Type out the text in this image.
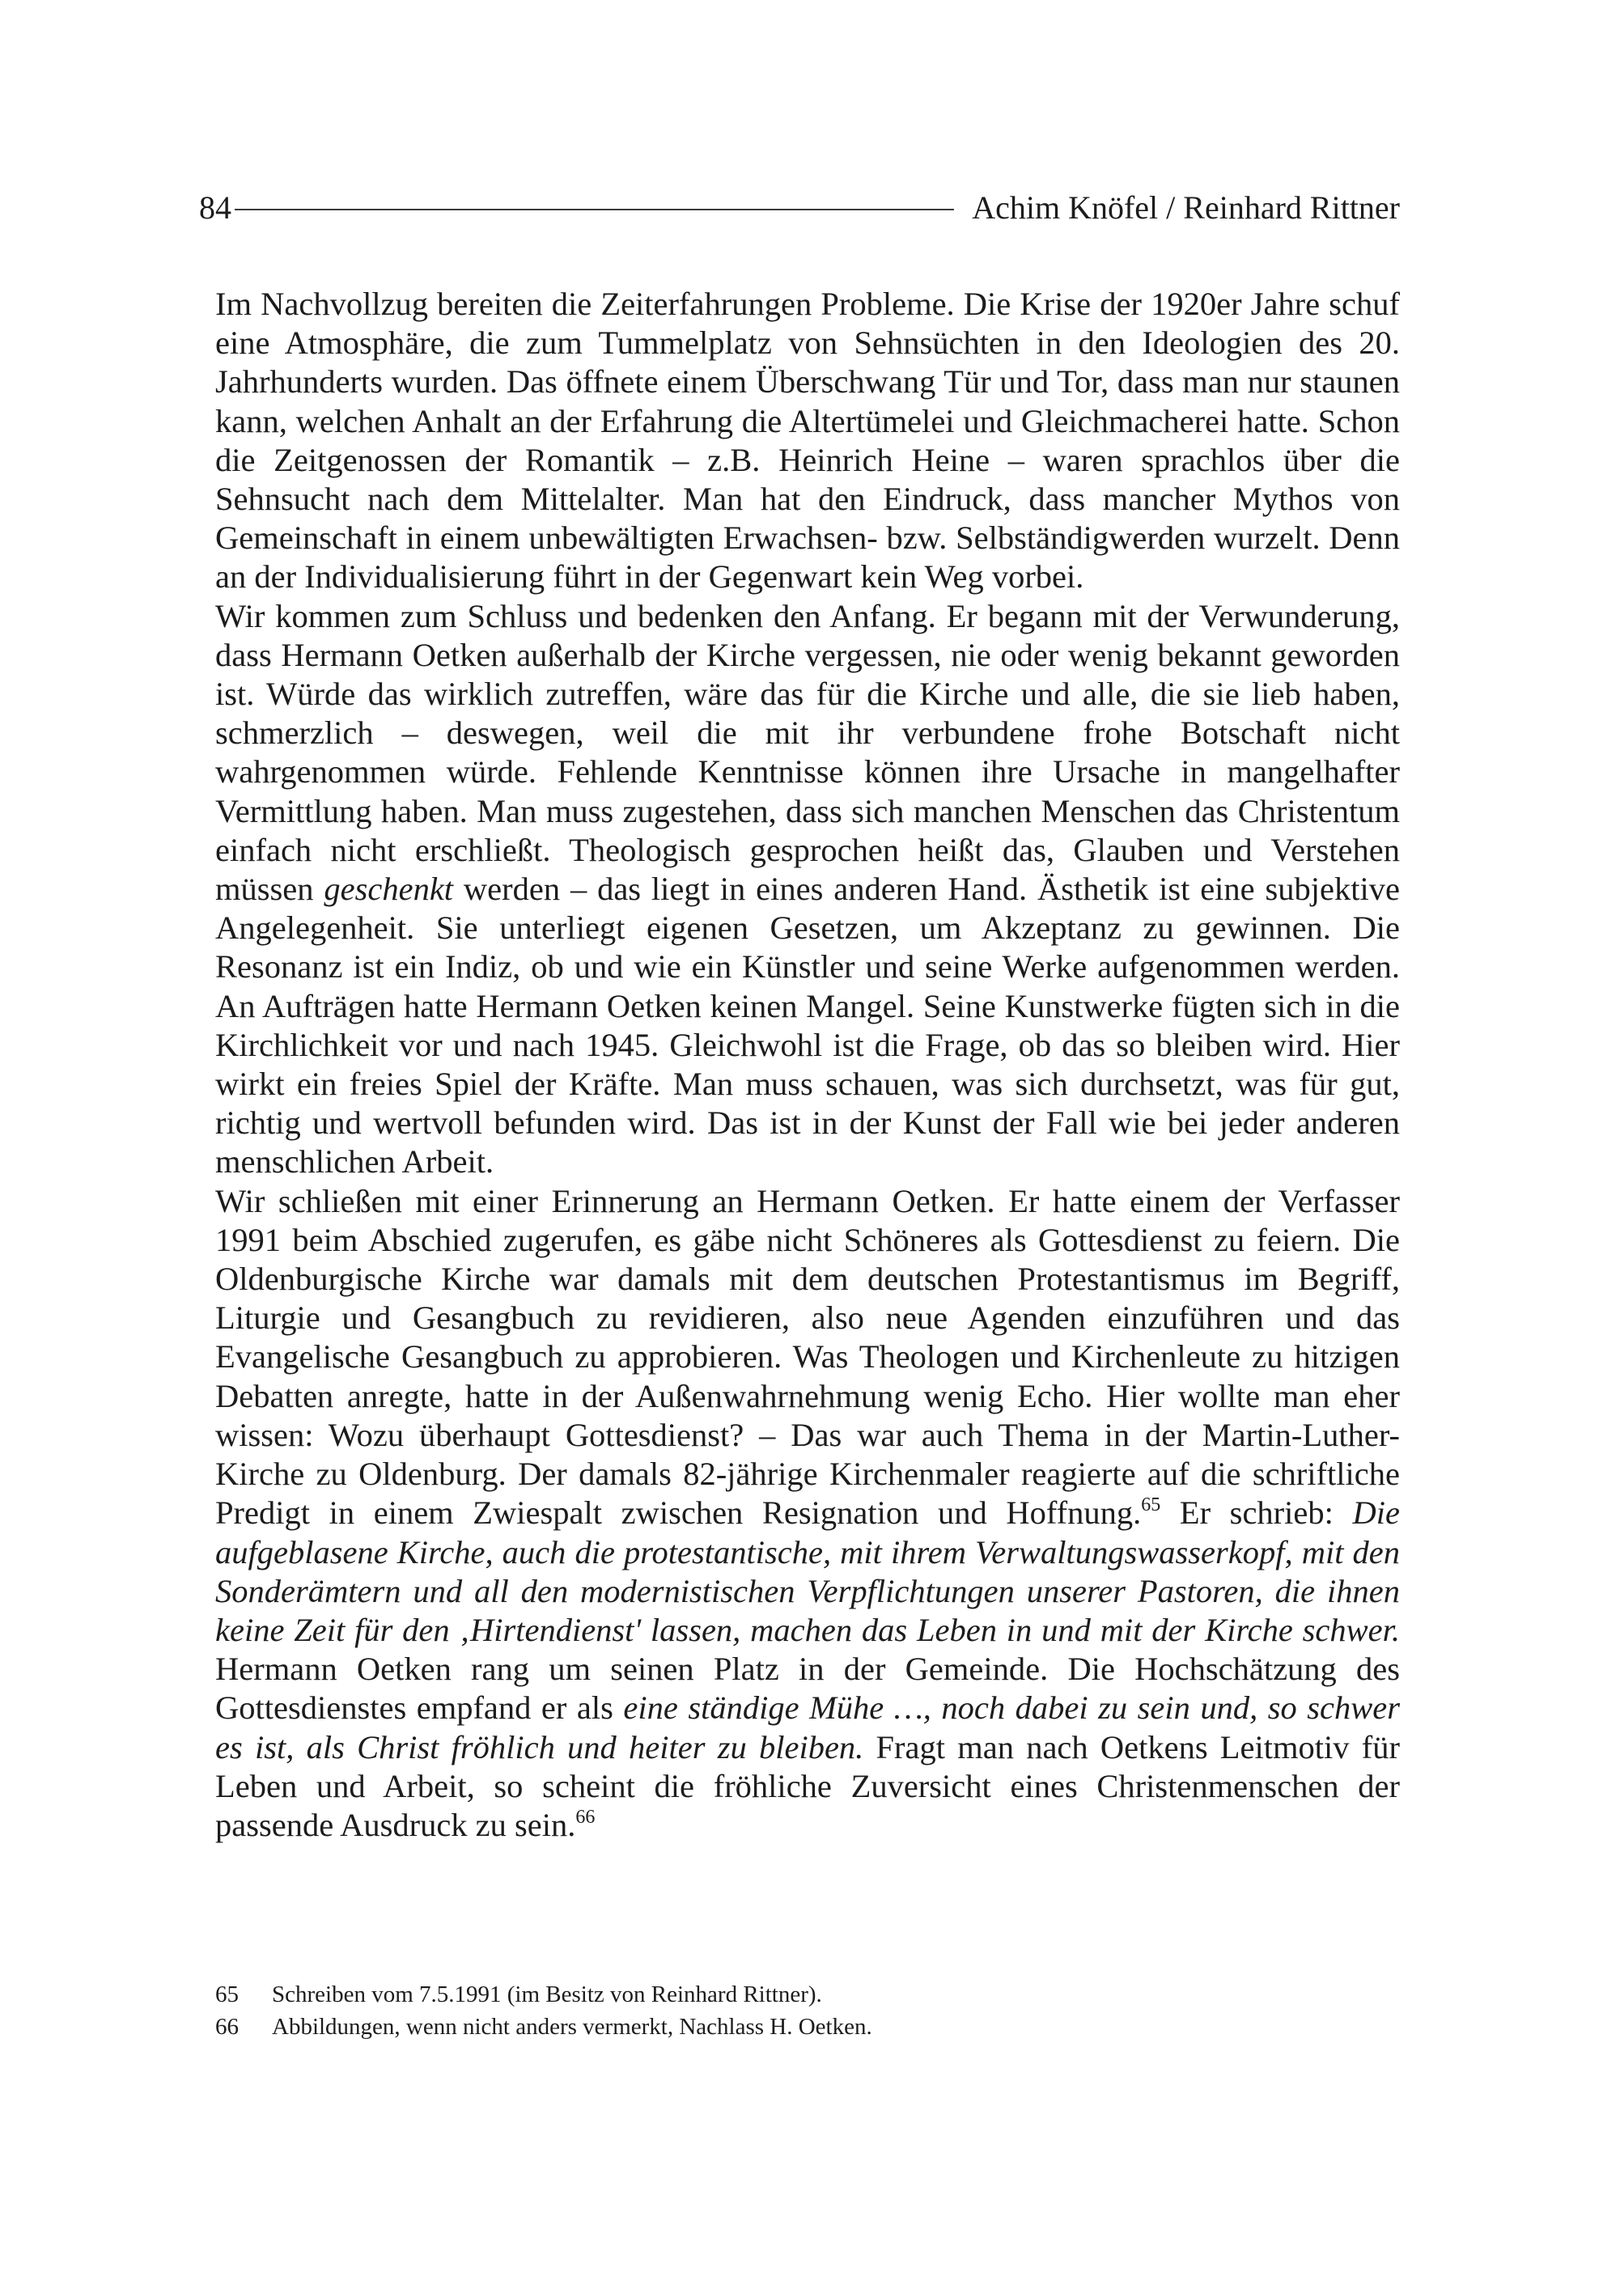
84	Achim Knöfel / Reinhard Rittner

Im Nachvollzug bereiten die Zeiterfahrungen Probleme. Die Krise der 1920er Jahre schuf eine Atmosphäre, die zum Tummelplatz von Sehnsüchten in den Ideologien des 20. Jahrhunderts wurden. Das öffnete einem Überschwang Tür und Tor, dass man nur staunen kann, welchen Anhalt an der Erfahrung die Altertümelei und Gleichmacherei hatte. Schon die Zeitgenossen der Romantik – z.B. Heinrich Heine – waren sprachlos über die Sehnsucht nach dem Mittelalter. Man hat den Eindruck, dass mancher Mythos von Gemeinschaft in einem unbewältigten Erwachsen- bzw. Selbständigwerden wurzelt. Denn an der Individualisierung führt in der Gegenwart kein Weg vorbei.

Wir kommen zum Schluss und bedenken den Anfang. Er begann mit der Verwunderung, dass Hermann Oetken außerhalb der Kirche vergessen, nie oder wenig bekannt geworden ist. Würde das wirklich zutreffen, wäre das für die Kirche und alle, die sie lieb haben, schmerzlich – deswegen, weil die mit ihr verbundene frohe Botschaft nicht wahrgenommen würde. Fehlende Kenntnisse können ihre Ursache in mangelhafter Vermittlung haben. Man muss zugestehen, dass sich manchen Menschen das Christentum einfach nicht erschließt. Theologisch gesprochen heißt das, Glauben und Verstehen müssen geschenkt werden – das liegt in eines anderen Hand. Ästhetik ist eine subjektive Angelegenheit. Sie unterliegt eigenen Gesetzen, um Akzeptanz zu gewinnen. Die Resonanz ist ein Indiz, ob und wie ein Künstler und seine Werke aufgenommen werden. An Aufträgen hatte Hermann Oetken keinen Mangel. Seine Kunstwerke fügten sich in die Kirchlichkeit vor und nach 1945. Gleichwohl ist die Frage, ob das so bleiben wird. Hier wirkt ein freies Spiel der Kräfte. Man muss schauen, was sich durchsetzt, was für gut, richtig und wertvoll befunden wird. Das ist in der Kunst der Fall wie bei jeder anderen menschlichen Arbeit.

Wir schließen mit einer Erinnerung an Hermann Oetken. Er hatte einem der Verfasser 1991 beim Abschied zugerufen, es gäbe nicht Schöneres als Gottesdienst zu feiern. Die Oldenburgische Kirche war damals mit dem deutschen Protestantismus im Begriff, Liturgie und Gesangbuch zu revidieren, also neue Agenden einzuführen und das Evangelische Gesangbuch zu approbieren. Was Theologen und Kirchenleute zu hitzigen Debatten anregte, hatte in der Außenwahrnehmung wenig Echo. Hier wollte man eher wissen: Wozu überhaupt Gottesdienst? – Das war auch Thema in der Martin-Luther-Kirche zu Oldenburg. Der damals 82-jährige Kirchenmaler reagierte auf die schriftliche Predigt in einem Zwiespalt zwischen Resignation und Hoffnung.$^{65}$ Er schrieb: Die aufgeblasene Kirche, auch die protestantische, mit ihrem Verwaltungswasserkopf, mit den Sonderämtern und all den modernistischen Verpflichtungen unserer Pastoren, die ihnen keine Zeit für den ‚Hirtendienst' lassen, machen das Leben in und mit der Kirche schwer. Hermann Oetken rang um seinen Platz in der Gemeinde. Die Hochschätzung des Gottesdienstes empfand er als eine ständige Mühe …, noch dabei zu sein und, so schwer es ist, als Christ fröhlich und heiter zu bleiben. Fragt man nach Oetkens Leitmotiv für Leben und Arbeit, so scheint die fröhliche Zuversicht eines Christenmenschen der passende Ausdruck zu sein.$^{66}$

65	Schreiben vom 7.5.1991 (im Besitz von Reinhard Rittner).
66	Abbildungen, wenn nicht anders vermerkt, Nachlass H. Oetken.
